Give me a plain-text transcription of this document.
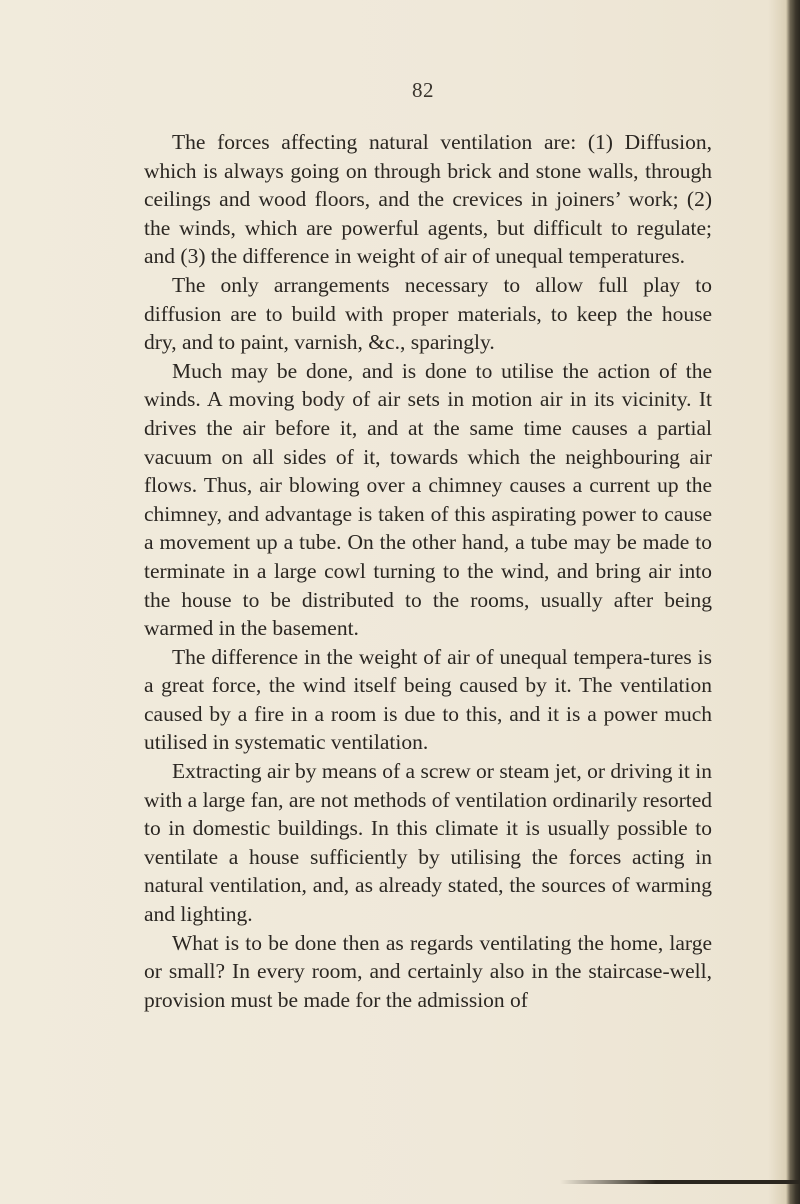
82

The forces affecting natural ventilation are: (1) Diffusion, which is always going on through brick and stone walls, through ceilings and wood floors, and the crevices in joiners’ work; (2) the winds, which are powerful agents, but difficult to regulate; and (3) the difference in weight of air of unequal temperatures.

The only arrangements necessary to allow full play to diffusion are to build with proper materials, to keep the house dry, and to paint, varnish, &c., sparingly.

Much may be done, and is done to utilise the action of the winds. A moving body of air sets in motion air in its vicinity. It drives the air before it, and at the same time causes a partial vacuum on all sides of it, towards which the neighbouring air flows. Thus, air blowing over a chimney causes a current up the chimney, and advantage is taken of this aspirating power to cause a movement up a tube. On the other hand, a tube may be made to terminate in a large cowl turning to the wind, and bring air into the house to be distributed to the rooms, usually after being warmed in the basement.

The difference in the weight of air of unequal tempera-tures is a great force, the wind itself being caused by it. The ventilation caused by a fire in a room is due to this, and it is a power much utilised in systematic ventilation.

Extracting air by means of a screw or steam jet, or driving it in with a large fan, are not methods of ventilation ordinarily resorted to in domestic buildings. In this climate it is usually possible to ventilate a house sufficiently by utilising the forces acting in natural ventilation, and, as already stated, the sources of warming and lighting.

What is to be done then as regards ventilating the home, large or small? In every room, and certainly also in the staircase-well, provision must be made for the admission of
